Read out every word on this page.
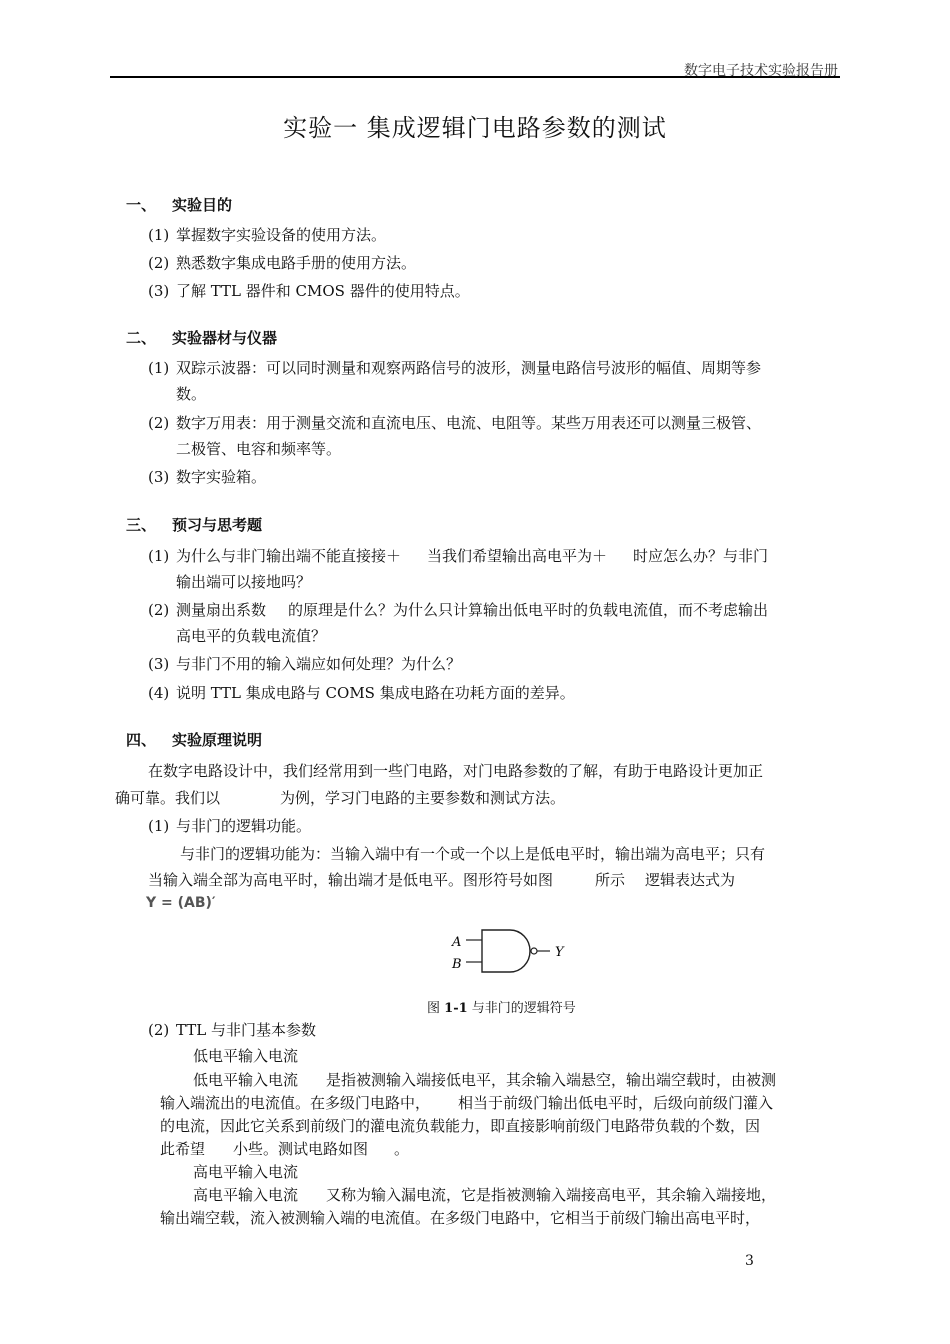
数字电子技术实验报告册
实验一 集成逻辑门电路参数的测试
一、 实验目的
(1) 掌握数字实验设备的使用方法。
(2) 熟悉数字集成电路手册的使用方法。
(3) 了解 TTL 器件和 CMOS 器件的使用特点。
二、 实验器材与仪器
(1) 双踪示波器：可以同时测量和观察两路信号的波形，测量电路信号波形的幅值、周期等参
数。
(2) 数字万用表：用于测量交流和直流电压、电流、电阻等。某些万用表还可以测量三极管、
二极管、电容和频率等。
(3) 数字实验箱。
三、 预习与思考题
(1) 为什么与非门输出端不能直接接＋ 当我们希望输出高电平为＋ 时应怎么办？与非门
输出端可以接地吗？
(2) 测量扇出系数 的原理是什么？为什么只计算输出低电平时的负载电流值，而不考虑输出
高电平的负载电流值？
(3) 与非门不用的输入端应如何处理？为什么？
(4) 说明 TTL 集成电路与 COMS 集成电路在功耗方面的差异。
四、 实验原理说明
在数字电路设计中，我们经常用到一些门电路，对门电路参数的了解，有助于电路设计更加正
确可靠。我们以	为例，学习门电路的主要参数和测试方法。
(1) 与非门的逻辑功能。
与非门的逻辑功能为：当输入端中有一个或一个以上是低电平时，输出端为高电平；只有
当输入端全部为高电平时，输出端才是低电平。图形符号如图	所示 逻辑表达式为
Y = (AB)′
A
B
Y
图 1-1 与非门的逻辑符号
(2) TTL 与非门基本参数
低电平输入电流
低电平输入电流 是指被测输入端接低电平，其余输入端悬空，输出端空载时，由被测
输入端流出的电流值。在多级门电路中， 相当于前级门输出低电平时，后级向前级门灌入
的电流，因此它关系到前级门的灌电流负载能力，即直接影响前级门电路带负载的个数，因
此希望 小些。测试电路如图 。
高电平输入电流
高电平输入电流 又称为输入漏电流，它是指被测输入端接高电平，其余输入端接地，
输出端空载，流入被测输入端的电流值。在多级门电路中，它相当于前级门输出高电平时，
3
